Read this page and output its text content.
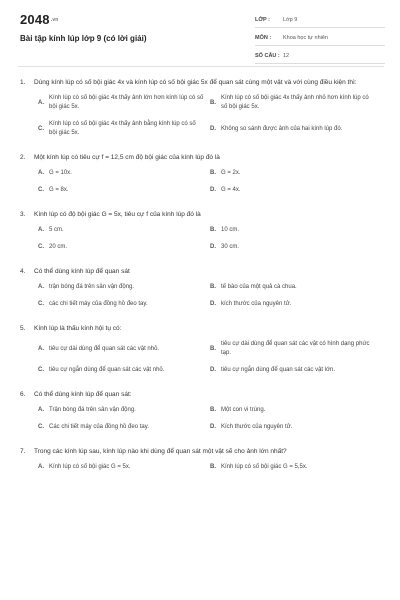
$2048^{.vn}$
Bài tập kính lúp lớp 9 (có lời giải)
LỚP : Lớp 9
MÔN : Khoa học tự nhiên
SỐ CÂU : 12
1. Dùng kính lúp có số bội giác 4x và kính lúp có số bội giác 5x để quan sát cùng một vật và với cùng điều kiện thì:
A.
Kính lúp có số bội giác 4x thấy ảnh lớn hơn kính lúp có số bội giác 5x.
B.
Kính lúp có số bội giác 4x thấy ảnh nhỏ hơn kính lúp có số bội giác 5x.
C.
Kính lúp có số bội giác 4x thấy ảnh bằng kính lúp có số bội giác 5x.
D. Không so sánh được ảnh của hai kính lúp đó.
2. Một kính lúp có tiêu cự f = 12,5 cm độ bội giác của kính lúp đó là
A. G = 10x.	B. G = 2x.
C. G = 8x.	D. G = 4x.
3. Kính lúp có độ bội giác G = 5x, tiêu cự f của kính lúp đó là
A. 5 cm.	B. 10 cm.
C. 20 cm.	D. 30 cm.
4. Có thể dùng kính lúp để quan sát
A. trận bóng đá trên sân vận động.	B. tế bào của một quả cà chua.
C. các chi tiết máy của đồng hồ đeo tay.	D. kích thước của nguyên tử.
5. Kính lúp là thấu kính hội tụ có:
A. tiêu cự dài dùng để quan sát các vật nhỏ.	B.
tiêu cự dài dùng để quan sát các vật có hình dạng phức tạp.
C. tiêu cự ngắn dùng để quan sát các vật nhỏ.	D. tiêu cự ngắn dùng để quan sát các vật lớn.
6. Có thể dùng kính lúp để quan sát:
A. Trận bóng đá trên sân vận động.	B. Một con vi trùng.
C. Các chi tiết máy của đồng hồ đeo tay.	D. Kích thước của nguyên tử.
7. Trong các kính lúp sau, kính lúp nào khi dùng để quan sát một vật sẽ cho ảnh lớn nhất?
A. Kính lúp có số bội giác G = 5x.	B. Kính lúp có số bội giác G = 5,5x.
